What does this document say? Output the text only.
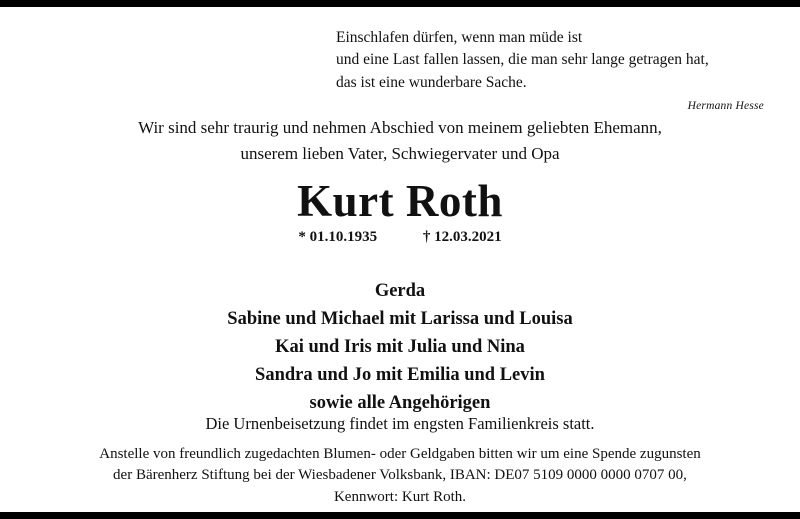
Einschlafen dürfen, wenn man müde ist
und eine Last fallen lassen, die man sehr lange getragen hat,
das ist eine wunderbare Sache.
Hermann Hesse
Wir sind sehr traurig und nehmen Abschied von meinem geliebten Ehemann,
unserem lieben Vater, Schwiegervater und Opa
Kurt Roth
* 01.10.1935	† 12.03.2021
Gerda
Sabine und Michael mit Larissa und Louisa
Kai und Iris mit Julia und Nina
Sandra und Jo mit Emilia und Levin
sowie alle Angehörigen
Die Urnenbeisetzung findet im engsten Familienkreis statt.
Anstelle von freundlich zugedachten Blumen- oder Geldgaben bitten wir um eine Spende zugunsten
der Bärenherz Stiftung bei der Wiesbadener Volksbank, IBAN: DE07 5109 0000 0000 0707 00,
Kennwort: Kurt Roth.
